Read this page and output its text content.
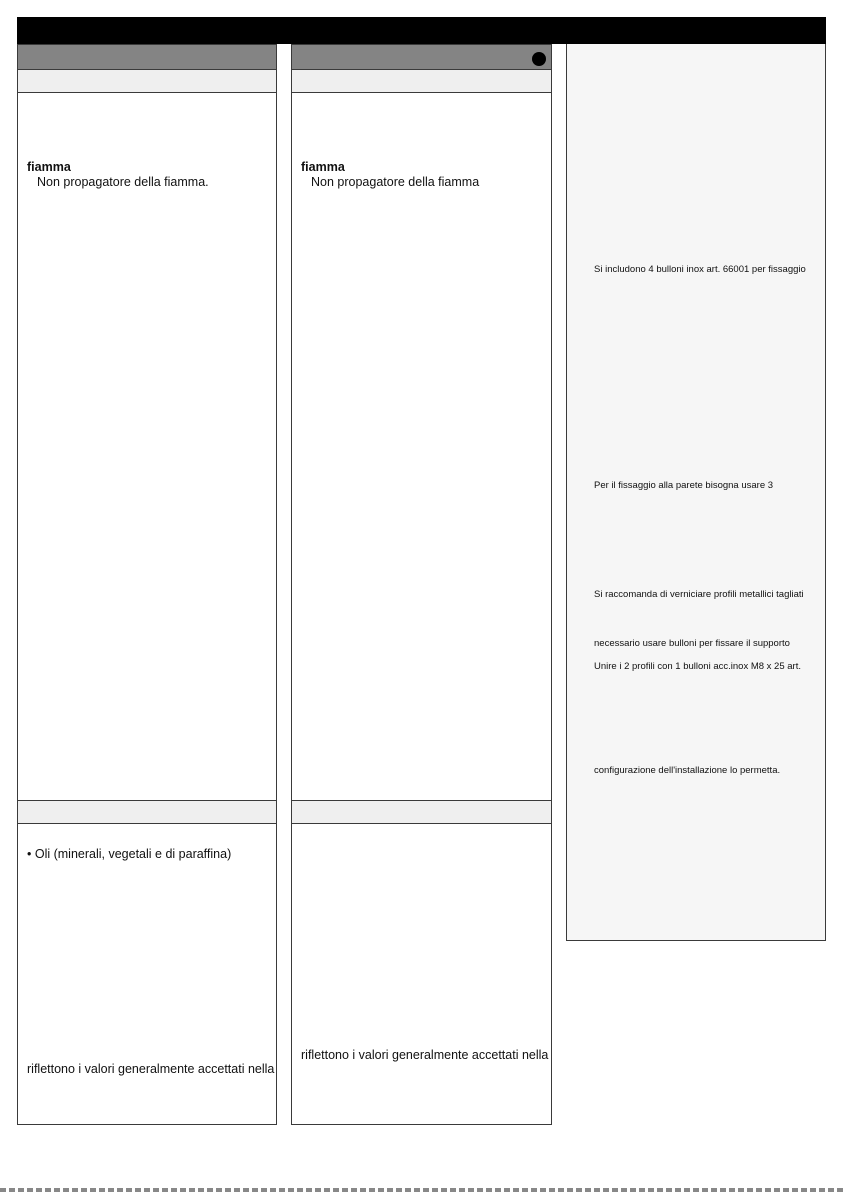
fiamma
Non propagatore della fiamma.
• Oli (minerali, vegetali e di paraffina)
riflettono i valori generalmente accettati nella
fiamma
Non propagatore della fiamma
riflettono i valori generalmente accettati nella
Si includono 4 bulloni inox art. 66001 per fissaggio
Per il fissaggio alla parete bisogna usare 3
Si raccomanda di verniciare profili metallici tagliati
necessario usare bulloni per fissare il supporto
Unire i 2 profili con 1 bulloni acc.inox M8 x 25 art.
configurazione dell'installazione lo permetta.
